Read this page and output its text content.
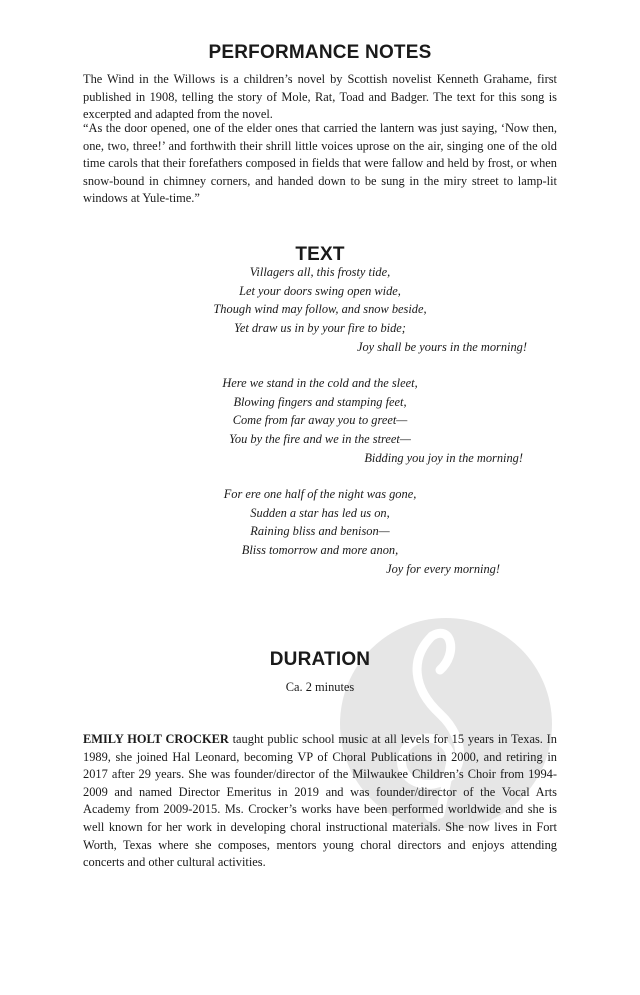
PERFORMANCE NOTES

The Wind in the Willows is a children’s novel by Scottish novelist Kenneth Grahame, first published in 1908, telling the story of Mole, Rat, Toad and Badger. The text for this song is excerpted and adapted from the novel.

“As the door opened, one of the elder ones that carried the lantern was just saying, ‘Now then, one, two, three!’ and forthwith their shrill little voices uprose on the air, singing one of the old time carols that their forefathers composed in fields that were fallow and held by frost, or when snow-bound in chimney corners, and handed down to be sung in the miry street to lamp-lit windows at Yule-time.”

TEXT
Villagers all, this frosty tide,
Let your doors swing open wide,
Though wind may follow, and snow beside,
Yet draw us in by your fire to bide;
Joy shall be yours in the morning!
Here we stand in the cold and the sleet,
Blowing fingers and stamping feet,
Come from far away you to greet—
You by the fire and we in the street—
Bidding you joy in the morning!
For ere one half of the night was gone,
Sudden a star has led us on,
Raining bliss and benison—
Bliss tomorrow and more anon,
Joy for every morning!
DURATION
Ca. 2 minutes

EMILY HOLT CROCKER taught public school music at all levels for 15 years in Texas. In 1989, she joined Hal Leonard, becoming VP of Choral Publications in 2000, and retiring in 2017 after 29 years. She was founder/director of the Milwaukee Children’s Choir from 1994-2009 and named Director Emeritus in 2019 and was founder/director of the Vocal Arts Academy from 2009-2015. Ms. Crocker’s works have been performed worldwide and she is well known for her work in developing choral instructional materials. She now lives in Fort Worth, Texas where she composes, mentors young choral directors and enjoys attending concerts and other cultural activities.
